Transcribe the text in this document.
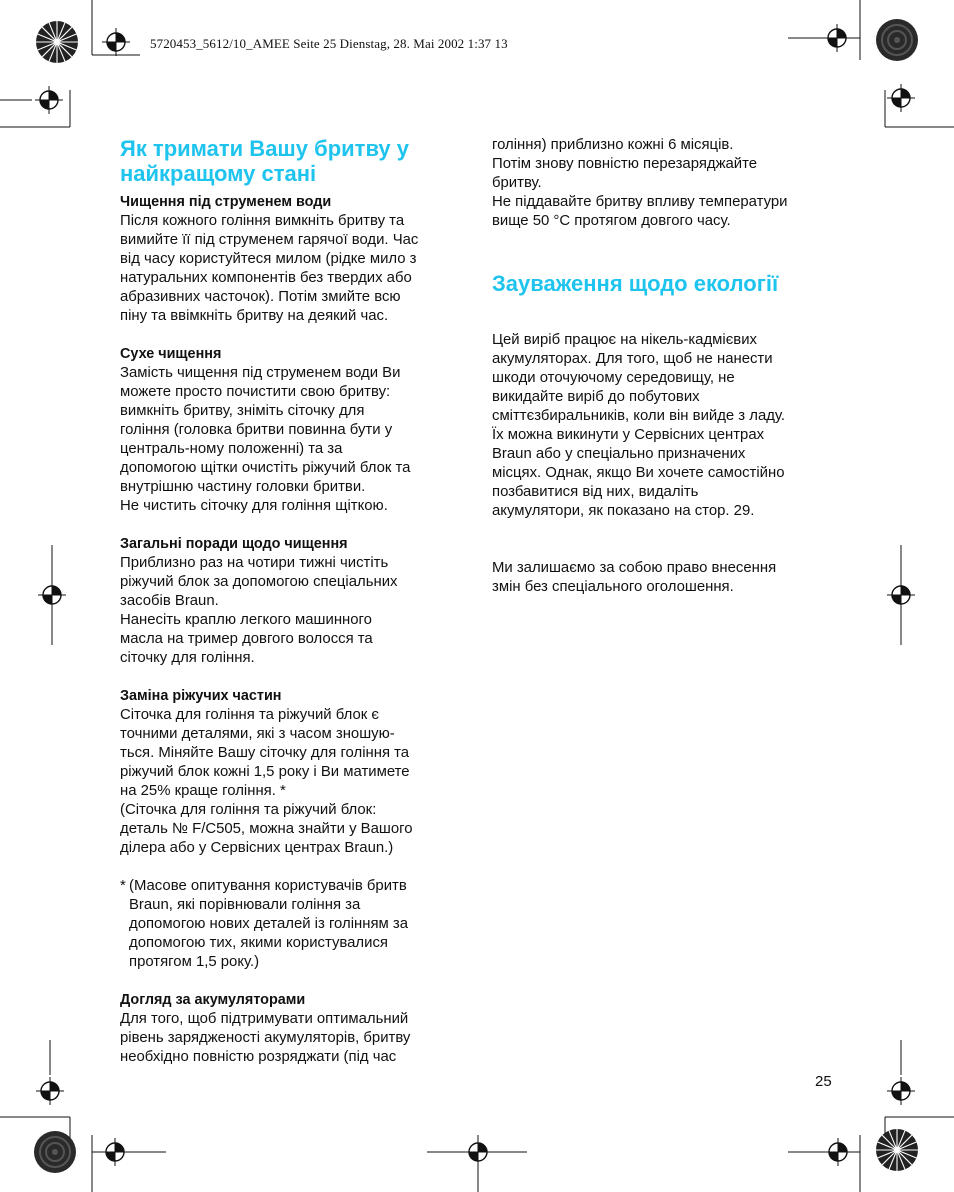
5720453_5612/10_AMEE Seite 25 Dienstag, 28. Mai 2002 1:37 13
Як тримати Вашу бритву у найкращому стані
Чищення під струменем води

Після кожного гоління вимкніть бритву та

вимийте її під струменем гарячої води. Час

від часу користуйтеся милом (рідке мило з

натуральних компонентів без твердих або

абразивних часточок). Потім змийте всю

піну та ввімкніть бритву на деякий час.

Сухе чищення

Замість чищення під струменем води Ви

можете просто почистити свою бритву:

вимкніть бритву, зніміть сіточку для

гоління (головка бритви повинна бути у

централь-ному положенні) та за

допомогою щітки очистіть ріжучий блок та

внутрішню частину головки бритви.

Не чистить сіточку для гоління щіткою.

Загальні поради щодо чищення

Приблизно раз на чотири тижні чистіть

ріжучий блок за допомогою спеціальних

засобів Braun.

Нанесіть краплю легкого машинного

масла на тример довгого волосся та

сіточку для гоління.

Заміна ріжучих частин

Сіточка для гоління та ріжучий блок є

точними деталями, які з часом зношую-

ться. Міняйте Вашу сіточку для гоління та

ріжучий блок кожні 1,5 року і Ви матимете

на 25% краще гоління. *

(Сіточка для гоління та ріжучий блок:

деталь № F/C505, можна знайти у Вашого

ділера або у Сервісних центрах Braun.)

* (Масове опитування користувачів бритв

Braun, які порівнювали гоління за

допомогою нових деталей із голінням за

допомогою тих, якими користувалися

протягом 1,5 року.)

Догляд за акумуляторами

Для того, щоб підтримувати оптимальний

рівень зарядженості акумуляторів, бритву

необхідно повністю розряджати (під час

гоління) приблизно кожні 6 місяців.

Потім знову повністю перезаряджайте

бритву.

Не піддавайте бритву впливу температури

вище 50 °C протягом довгого часу.

Зауваження щодо екології

Цей виріб працює на нікель-кадмієвих

акумуляторах. Для того, щоб не нанести

шкоди оточуючому середовищу, не

викидайте виріб до побутових

сміттєзбиральників, коли він вийде з ладу.

Їх можна викинути у Сервісних центрах

Braun або у спеціально призначених

місцях. Однак, якщо Ви хочете самостійно

позбавитися від них, видаліть

акумулятори, як показано на стор. 29.

Ми залишаємо за собою право внесення

змін без спеціального оголошення.

25
